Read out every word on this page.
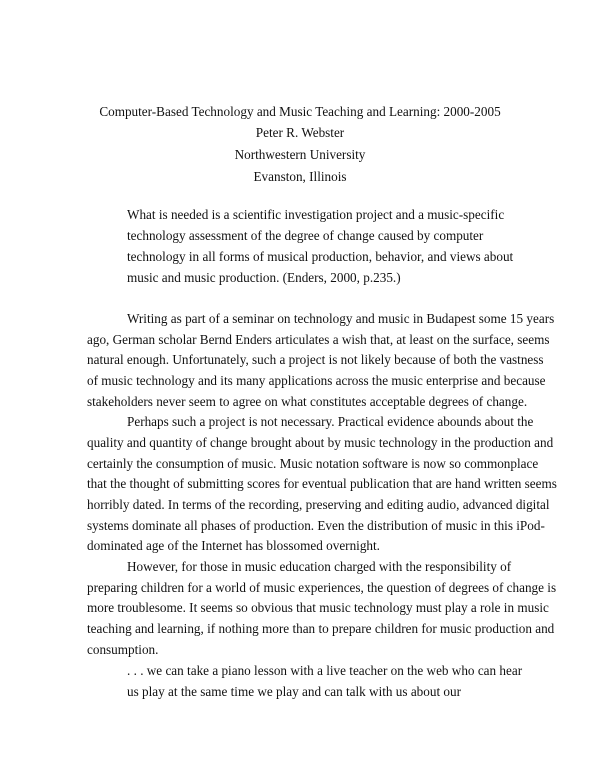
Computer-Based Technology and Music Teaching and Learning: 2000-2005
Peter R. Webster
Northwestern University
Evanston, Illinois
What is needed is a scientific investigation project and a music-specific
technology assessment of the degree of change caused by computer
technology in all forms of musical production, behavior, and views about
music and music production. (Enders, 2000, p.235.)
Writing as part of a seminar on technology and music in Budapest some 15 years
ago, German scholar Bernd Enders articulates a wish that, at least on the surface, seems
natural enough. Unfortunately, such a project is not likely because of both the vastness
of music technology and its many applications across the music enterprise and because
stakeholders never seem to agree on what constitutes acceptable degrees of change.
Perhaps such a project is not necessary. Practical evidence abounds about the
quality and quantity of change brought about by music technology in the production and
certainly the consumption of music. Music notation software is now so commonplace
that the thought of submitting scores for eventual publication that are hand written seems
horribly dated. In terms of the recording, preserving and editing audio, advanced digital
systems dominate all phases of production. Even the distribution of music in this iPod-
dominated age of the Internet has blossomed overnight.
However, for those in music education charged with the responsibility of
preparing children for a world of music experiences, the question of degrees of change is
more troublesome. It seems so obvious that music technology must play a role in music
teaching and learning, if nothing more than to prepare children for music production and
consumption.
. . . we can take a piano lesson with a live teacher on the web who can hear
us play at the same time we play and can talk with us about our
